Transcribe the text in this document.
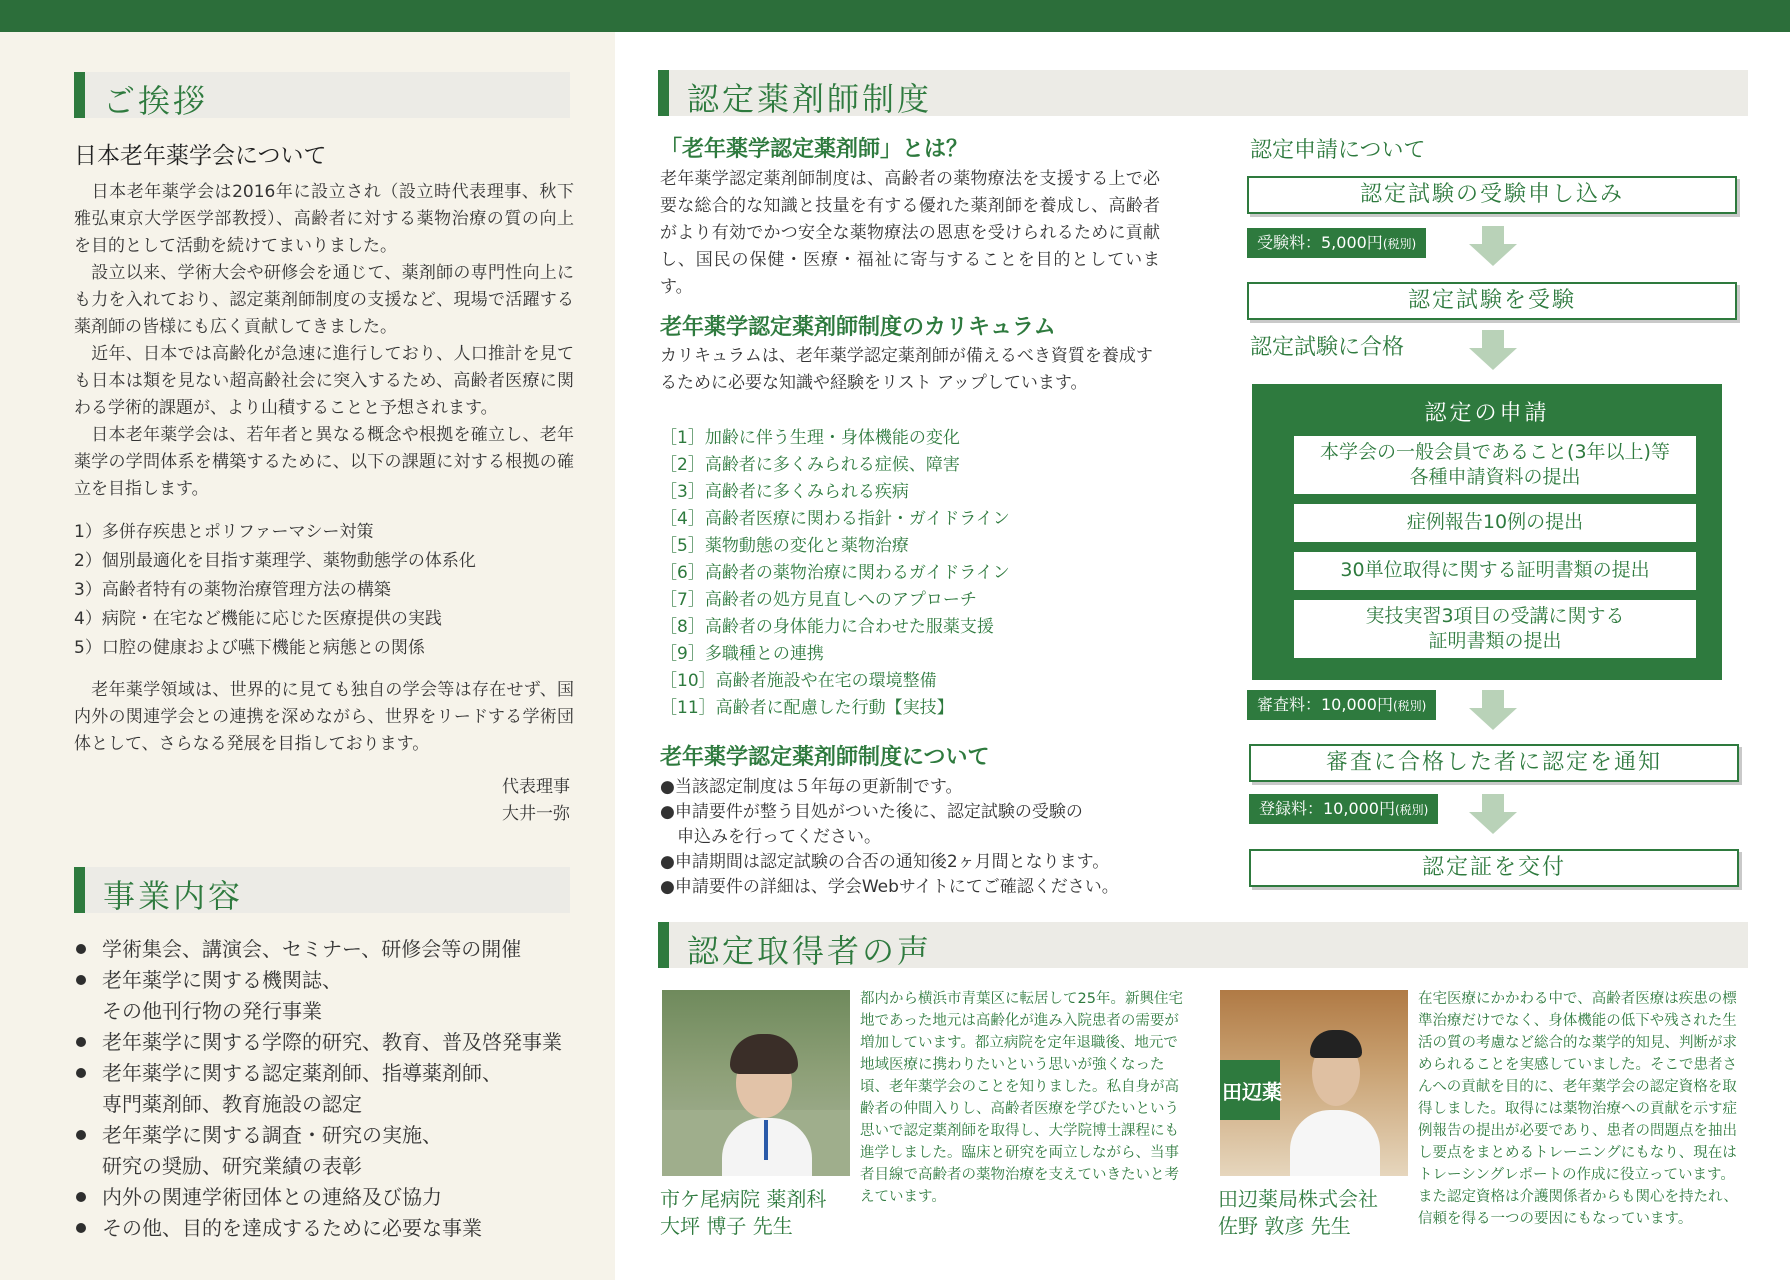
ご挨拶
日本老年薬学会について

　日本老年薬学会は2016年に設立され（設立時代表理事、秋下雅弘東京大学医学部教授）、高齢者に対する薬物治療の質の向上を目的として活動を続けてまいりました。

　設立以来、学術大会や研修会を通じて、薬剤師の専門性向上にも力を入れており、認定薬剤師制度の支援など、現場で活躍する薬剤師の皆様にも広く貢献してきました。

　近年、日本では高齢化が急速に進行しており、人口推計を見ても日本は類を見ない超高齢社会に突入するため、高齢者医療に関わる学術的課題が、より山積することと予想されます。

　日本老年薬学会は、若年者と異なる概念や根拠を確立し、老年薬学の学問体系を構築するために、以下の課題に対する根拠の確立を目指します。

1）多併存疾患とポリファーマシー対策
2）個別最適化を目指す薬理学、薬物動態学の体系化
3）高齢者特有の薬物治療管理方法の構築
4）病院・在宅など機能に応じた医療提供の実践
5）口腔の健康および嚥下機能と病態との関係
　老年薬学領域は、世界的に見ても独自の学会等は存在せず、国内外の関連学会との連携を深めながら、世界をリードする学術団体として、さらなる発展を目指しております。
代表理事
大井一弥
事業内容
学術集会、講演会、セミナー、研修会等の開催
老年薬学に関する機関誌、
その他刊行物の発行事業
老年薬学に関する学際的研究、教育、普及啓発事業
老年薬学に関する認定薬剤師、指導薬剤師、
専門薬剤師、教育施設の認定
老年薬学に関する調査・研究の実施、
研究の奨励、研究業績の表彰
内外の関連学術団体との連絡及び協力
その他、目的を達成するために必要な事業
認定薬剤師制度
「老年薬学認定薬剤師」とは？
老年薬学認定薬剤師制度は、高齢者の薬物療法を支援する上で必要な総合的な知識と技量を有する優れた薬剤師を養成し、高齢者がより有効でかつ安全な薬物療法の恩恵を受けられるために貢献し、国民の保健・医療・福祉に寄与することを目的としています。
老年薬学認定薬剤師制度のカリキュラム
カリキュラムは、老年薬学認定薬剤師が備えるべき資質を養成するために必要な知識や経験をリスト アップしています。
［1］加齢に伴う生理・身体機能の変化
［2］高齢者に多くみられる症候、障害
［3］高齢者に多くみられる疾病
［4］高齢者医療に関わる指針・ガイドライン
［5］薬物動態の変化と薬物治療
［6］高齢者の薬物治療に関わるガイドライン
［7］高齢者の処方見直しへのアプローチ
［8］高齢者の身体能力に合わせた服薬支援
［9］多職種との連携
［10］高齢者施設や在宅の環境整備
［11］高齢者に配慮した行動【実技】
老年薬学認定薬剤師制度について
●当該認定制度は５年毎の更新制です。
●申請要件が整う目処がついた後に、認定試験の受験の
　申込みを行ってください。
●申請期間は認定試験の合否の通知後2ヶ月間となります。
●申請要件の詳細は、学会Webサイトにてご確認ください。
認定申請について
認定試験の受験申し込み
受験料：5,000円(税別)
認定試験を受験
認定試験に合格
認定の申請
本学会の一般会員であること(3年以上)等
各種申請資料の提出
症例報告10例の提出
30単位取得に関する証明書類の提出
実技実習3項目の受講に関する
証明書類の提出
審査料：10,000円(税別)
審査に合格した者に認定を通知
登録料：10,000円(税別)
認定証を交付
認定取得者の声
市ケ尾病院 薬剤科
大坪 博子 先生
都内から横浜市青葉区に転居して25年。新興住宅地であった地元は高齢化が進み入院患者の需要が増加しています。都立病院を定年退職後、地元で地域医療に携わりたいという思いが強くなった頃、老年薬学会のことを知りました。私自身が高齢者の仲間入りし、高齢者医療を学びたいという思いで認定薬剤師を取得し、大学院博士課程にも進学しました。臨床と研究を両立しながら、当事者目線で高齢者の薬物治療を支えていきたいと考えています。
田辺薬
田辺薬局株式会社
佐野 敦彦 先生
在宅医療にかかわる中で、高齢者医療は疾患の標準治療だけでなく、身体機能の低下や残された生活の質の考慮など総合的な薬学的知見、判断が求められることを実感していました。そこで患者さんへの貢献を目的に、老年薬学会の認定資格を取得しました。取得には薬物治療への貢献を示す症例報告の提出が必要であり、患者の問題点を抽出し要点をまとめるトレーニングにもなり、現在はトレーシングレポートの作成に役立っています。また認定資格は介護関係者からも関心を持たれ、信頼を得る一つの要因にもなっています。
